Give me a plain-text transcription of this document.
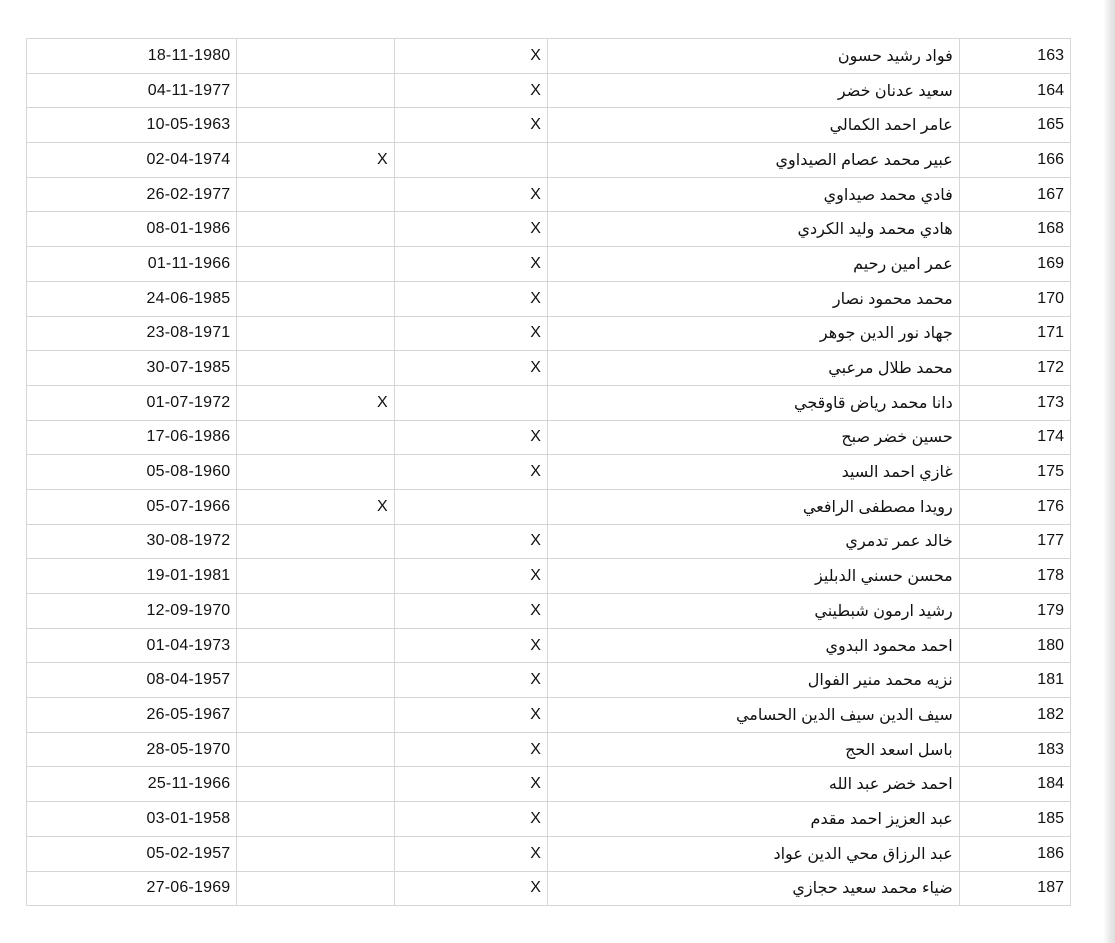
18-11-1980		X	فواد رشيد حسون	163
04-11-1977		X	سعيد عدنان خضر	164
10-05-1963		X	عامر احمد الكمالي	165
02-04-1974	X		عبير محمد عصام الصيداوي	166
26-02-1977		X	فادي محمد صيداوي	167
08-01-1986		X	هادي محمد وليد الكردي	168
01-11-1966		X	عمر امين رحيم	169
24-06-1985		X	محمد محمود نصار	170
23-08-1971		X	جهاد نور الدين جوهر	171
30-07-1985		X	محمد طلال مرعبي	172
01-07-1972	X		دانا محمد رياض قاوقجي	173
17-06-1986		X	حسين خضر صبح	174
05-08-1960		X	غازي احمد السيد	175
05-07-1966	X		رويدا مصطفى الرافعي	176
30-08-1972		X	خالد عمر تدمري	177
19-01-1981		X	محسن حسني الدبليز	178
12-09-1970		X	رشيد ارمون شبطيني	179
01-04-1973		X	احمد محمود البدوي	180
08-04-1957		X	نزيه محمد منير الفوال	181
26-05-1967		X	سيف الدين سيف الدين الحسامي	182
28-05-1970		X	باسل اسعد الحج	183
25-11-1966		X	احمد خضر عبد الله	184
03-01-1958		X	عبد العزيز احمد مقدم	185
05-02-1957		X	عبد الرزاق محي الدين عواد	186
27-06-1969		X	ضياء محمد سعيد حجازي	187
